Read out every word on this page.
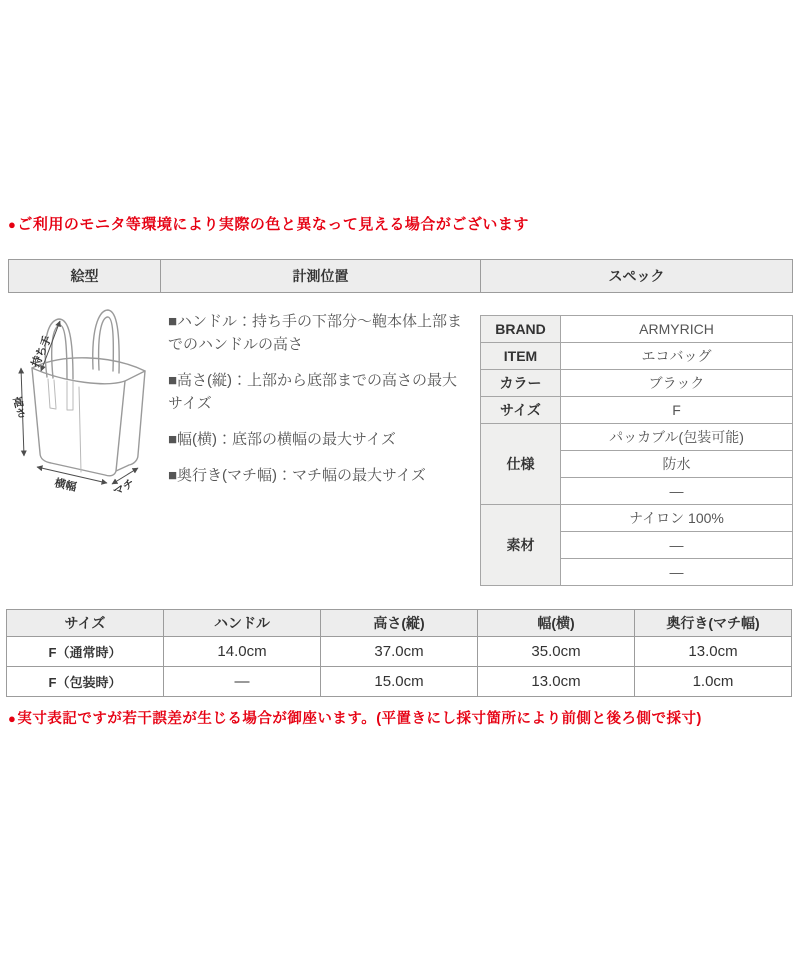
●ご利用のモニタ等環境により実際の色と異なって見える場合がございます
絵型	計測位置	スペック
持ち手
高さ
横幅	マチ

■ハンドル：持ち手の下部分～鞄本体上部までのハンドルの高さ

■高さ(縦)：上部から底部までの高さの最大サイズ

■幅(横)：底部の横幅の最大サイズ

■奥行き(マチ幅)：マチ幅の最大サイズ

BRAND	ARMYRICH
ITEM	エコバッグ
カラー	ブラック
サイズ	F
仕様	パッカブル(包装可能)
	防水
	—
素材	ナイロン 100%
	—
	—
サイズ	ハンドル	高さ(縦)	幅(横)	奥行き(マチ幅)
F（通常時）	14.0cm	37.0cm	35.0cm	13.0cm
F（包装時）	—	15.0cm	13.0cm	1.0cm
●実寸表記ですが若干誤差が生じる場合が御座います。(平置きにし採寸箇所により前側と後ろ側で採寸)
